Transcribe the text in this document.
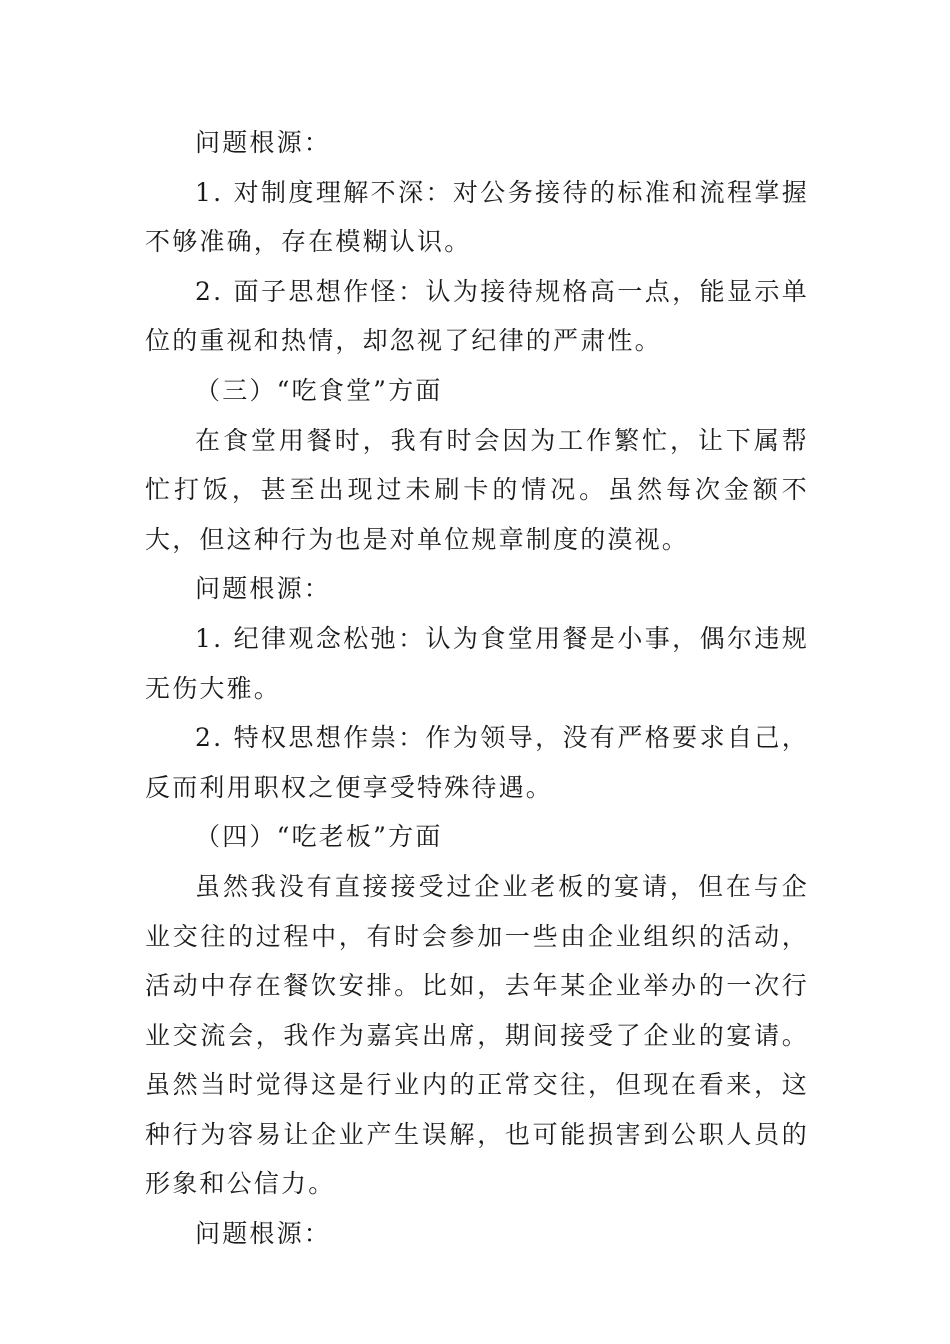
问题根源：

1. 对制度理解不深：对公务接待的标准和流程掌握不够准确，存在模糊认识。

2. 面子思想作怪：认为接待规格高一点，能显示单位的重视和热情，却忽视了纪律的严肃性。

（三）“吃食堂”方面

在食堂用餐时，我有时会因为工作繁忙，让下属帮忙打饭，甚至出现过未刷卡的情况。虽然每次金额不大，但这种行为也是对单位规章制度的漠视。

问题根源：

1. 纪律观念松弛：认为食堂用餐是小事，偶尔违规无伤大雅。

2. 特权思想作祟：作为领导，没有严格要求自己，反而利用职权之便享受特殊待遇。

（四）“吃老板”方面

虽然我没有直接接受过企业老板的宴请，但在与企业交往的过程中，有时会参加一些由企业组织的活动，活动中存在餐饮安排。比如，去年某企业举办的一次行业交流会，我作为嘉宾出席，期间接受了企业的宴请。虽然当时觉得这是行业内的正常交往，但现在看来，这种行为容易让企业产生误解，也可能损害到公职人员的形象和公信力。

问题根源：
